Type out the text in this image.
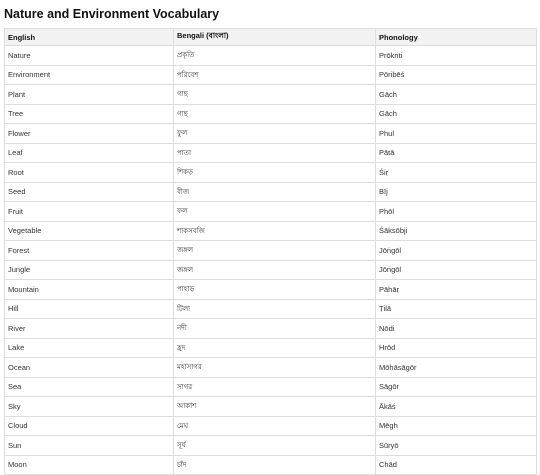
Nature and Environment Vocabulary
English	Bengali (বাংলা)	Phonology
Nature	প্রকৃতি	Prōkriti
Environment	পরিবেশ	Pōribēś
Plant	গাছ	Gāch
Tree	গাছ	Gāch
Flower	ফুল	Phul
Leaf	পাতা	Pātā
Root	শিকড়	Śiṛ
Seed	বীজ	Bīj
Fruit	ফল	Phōl
Vegetable	শাকসবজি	Śāksōbji
Forest	জঙ্গল	Jōṅgōl
Jungle	জঙ্গল	Jōṅgōl
Mountain	পাহাড়	Pāhāṛ
Hill	টিলা	Ṭilā
River	নদী	Nōdi
Lake	হ্রদ	Hrōd
Ocean	মহাসাগর	Mōhāsāgōr
Sea	সাগর	Sāgōr
Sky	আকাশ	Ākāś
Cloud	মেঘ	Mēgh
Sun	সূর্য	Sūryō
Moon	চাঁদ	Chād
